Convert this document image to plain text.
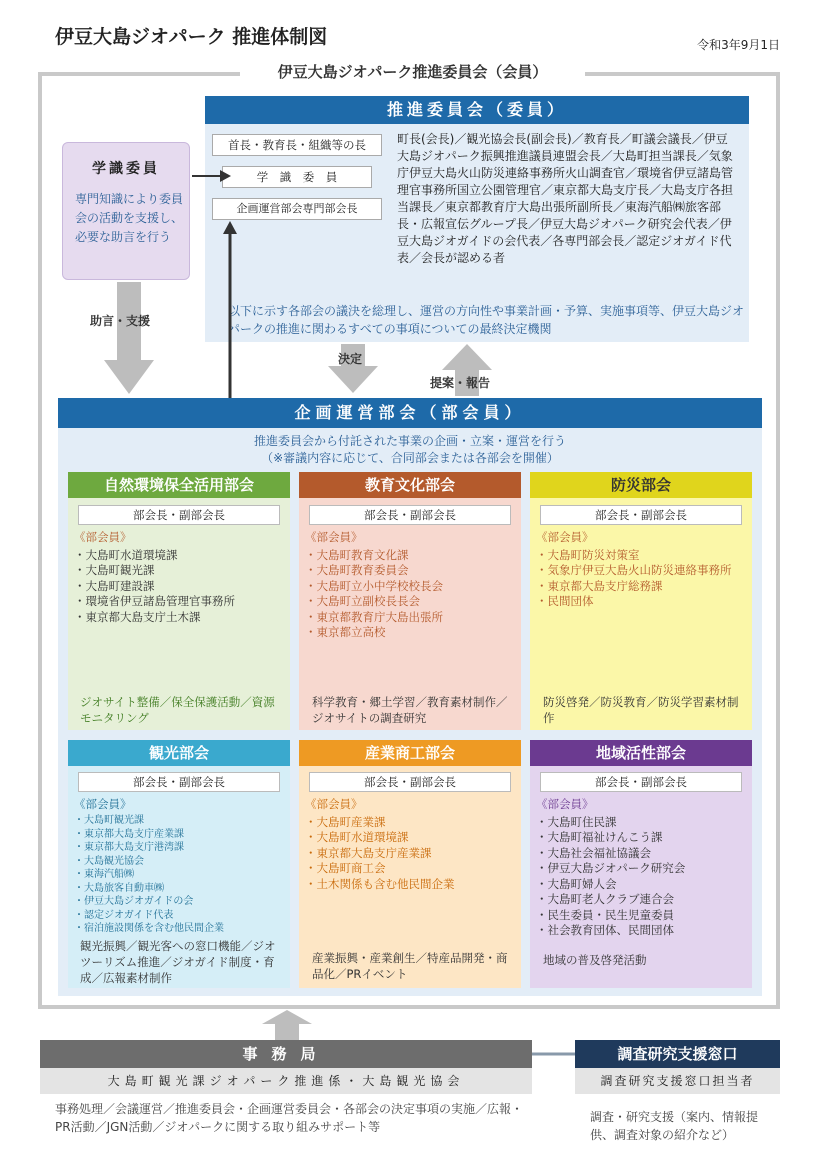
伊豆大島ジオパーク 推進体制図	令和3年9月1日
伊豆大島ジオパーク推進委員会（会員）
推進委員会（委員）
首長・教育長・組織等の長
学　識　委　員
企画運営部会専門部会長
町長(会長)／観光協会長(副会長)／教育長／町議会議長／伊豆大島ジオパーク振興推進議員連盟会長／大島町担当課長／気象庁伊豆大島火山防災連絡事務所火山調査官／環境省伊豆諸島管理官事務所国立公園管理官／東京都大島支庁長／大島支庁各担当課長／東京都教育庁大島出張所副所長／東海汽船㈱旅客部長・広報宣伝グループ長／伊豆大島ジオパーク研究会代表／伊豆大島ジオガイドの会代表／各専門部会長／認定ジオガイド代表／会長が認める者
以下に示す各部会の議決を総理し、運営の方向性や事業計画・予算、実施事項等、伊豆大島ジオパークの推進に関わるすべての事項についての最終決定機関
学識委員
専門知識により委員会の活動を支援し、必要な助言を行う
助言・支援
決定
提案・報告
企画運営部会（部会員）
推進委員会から付託された事業の企画・立案・運営を行う
（※審議内容に応じて、合同部会または各部会を開催）
自然環境保全活用部会
部会長・副部会長
《部会員》
・大島町水道環境課
・大島町観光課
・大島町建設課
・環境省伊豆諸島管理官事務所
・東京都大島支庁土木課
ジオサイト整備／保全保護活動／資源モニタリング
教育文化部会
部会長・副部会長
《部会員》
・大島町教育文化課
・大島町教育委員会
・大島町立小中学校校長会
・大島町立副校長長会
・東京都教育庁大島出張所
・東京都立高校
科学教育・郷土学習／教育素材制作／ジオサイトの調査研究
防災部会
部会長・副部会長
《部会員》
・大島町防災対策室
・気象庁伊豆大島火山防災連絡事務所
・東京都大島支庁総務課
・民間団体
防災啓発／防災教育／防災学習素材制作
観光部会
部会長・副部会長
《部会員》
・大島町観光課
・東京都大島支庁産業課
・東京都大島支庁港湾課
・大島観光協会
・東海汽船㈱
・大島旅客自動車㈱
・伊豆大島ジオガイドの会
・認定ジオガイド代表
・宿泊施設関係を含む他民間企業
観光振興／観光客への窓口機能／ジオツーリズム推進／ジオガイド制度・育成／広報素材制作
産業商工部会
部会長・副部会長
《部会員》
・大島町産業課
・大島町水道環境課
・東京都大島支庁産業課
・大島町商工会
・土木関係も含む他民間企業
産業振興・産業創生／特産品開発・商品化／PRイベント
地域活性部会
部会長・副部会長
《部会員》
・大島町住民課
・大島町福祉けんこう課
・大島社会福祉協議会
・伊豆大島ジオパーク研究会
・大島町婦人会
・大島町老人クラブ連合会
・民生委員・民生児童委員
・社会教育団体、民間団体
地域の普及啓発活動
事務局
大島町観光課ジオパーク推進係・大島観光協会
事務処理／会議運営／推進委員会・企画運営委員会・各部会の決定事項の実施／広報・PR活動／JGN活動／ジオパークに関する取り組みサポート等
調査研究支援窓口
調査研究支援窓口担当者
調査・研究支援（案内、情報提供、調査対象の紹介など）
